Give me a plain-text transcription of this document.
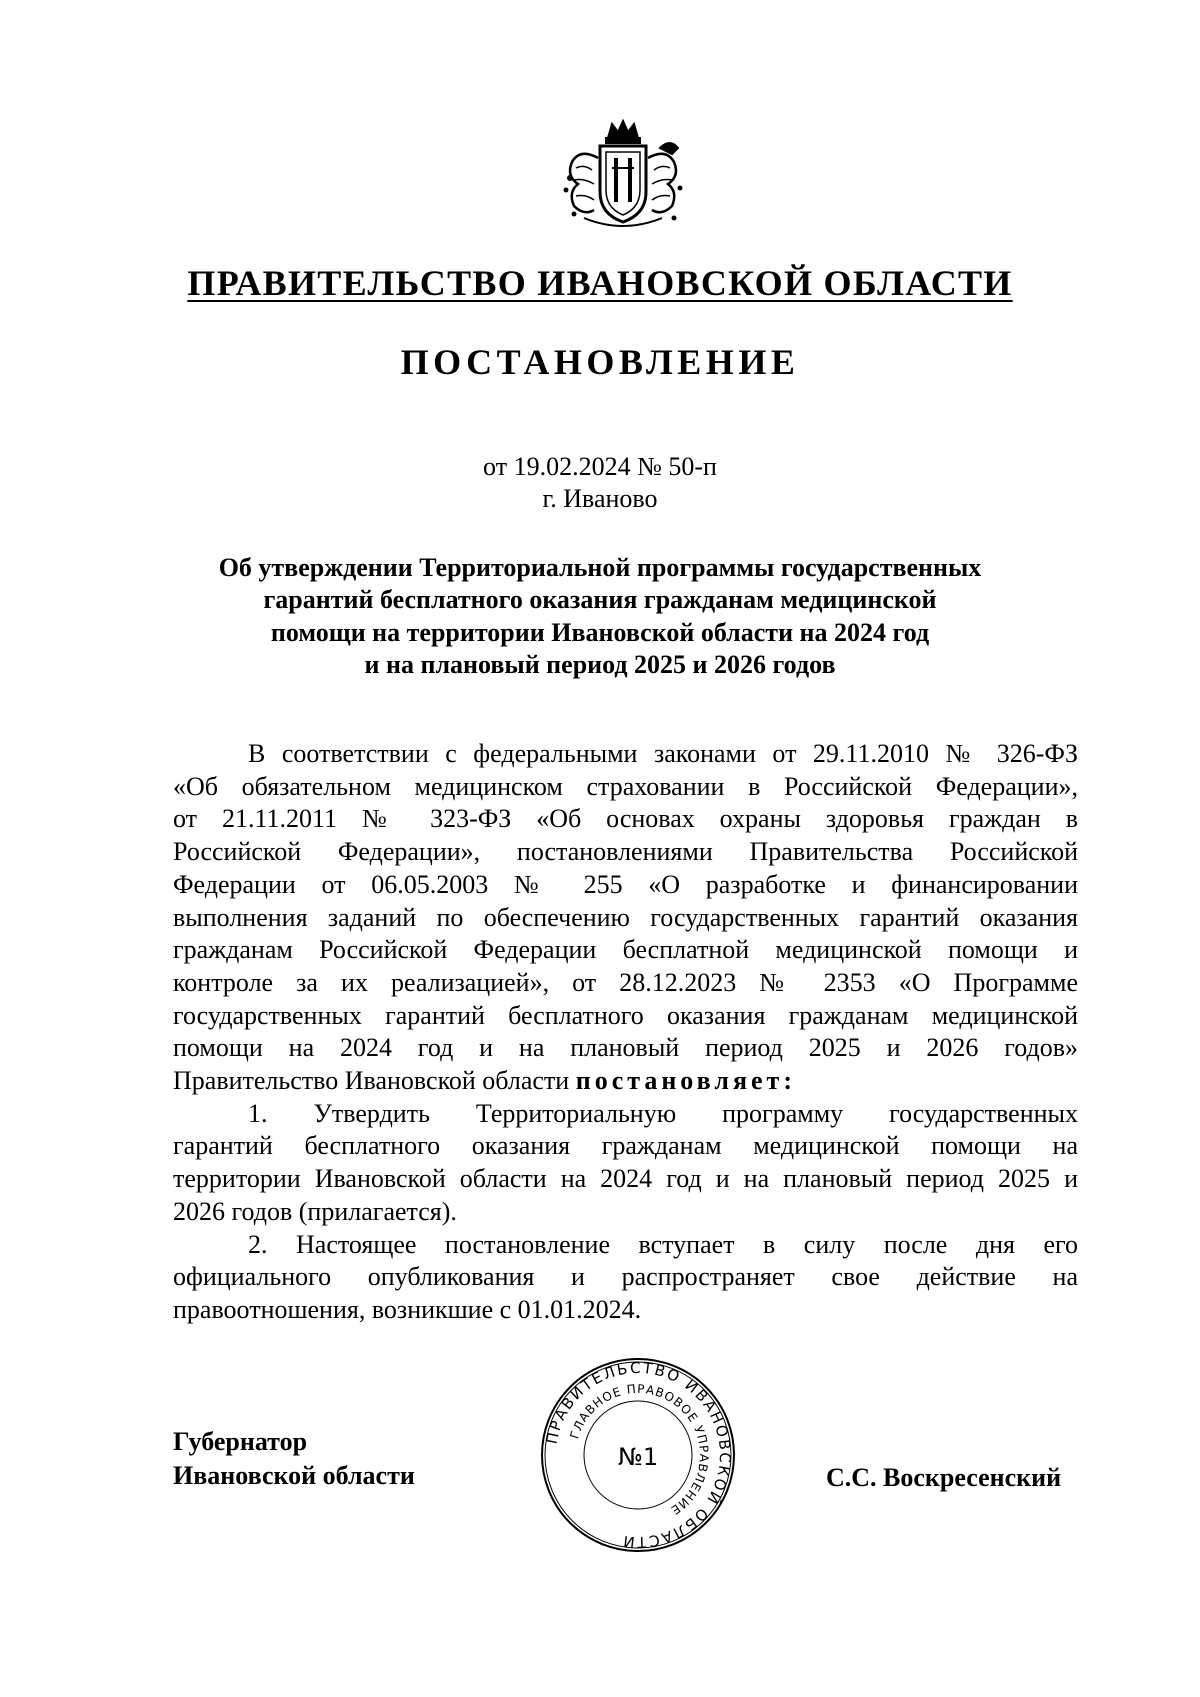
ПРАВИТЕЛЬСТВО ИВАНОВСКОЙ ОБЛАСТИ
ПОСТАНОВЛЕНИЕ
от 19.02.2024 № 50-п
г. Иваново
Об утверждении Территориальной программы государственных
гарантий бесплатного оказания гражданам медицинской
помощи на территории Ивановской области на 2024 год
и на плановый период 2025 и 2026 годов
В соответствии с федеральными законами от 29.11.2010 № 326-ФЗ
«Об обязательном медицинском страховании в Российской Федерации»,
от 21.11.2011 № 323-ФЗ «Об основах охраны здоровья граждан в
Российской Федерации», постановлениями Правительства Российской
Федерации от 06.05.2003 № 255 «О разработке и финансировании
выполнения заданий по обеспечению государственных гарантий оказания
гражданам Российской Федерации бесплатной медицинской помощи и
контроле за их реализацией», от 28.12.2023 № 2353 «О Программе
государственных гарантий бесплатного оказания гражданам медицинской
помощи на 2024 год и на плановый период 2025 и 2026 годов»
Правительство Ивановской области постановляет:
1. Утвердить Территориальную программу государственных
гарантий бесплатного оказания гражданам медицинской помощи на
территории Ивановской области на 2024 год и на плановый период 2025 и
2026 годов (прилагается).
2. Настоящее постановление вступает в силу после дня его
официального опубликования и распространяет свое действие на
правоотношения, возникшие с 01.01.2024.
Губернатор
Ивановской области
ПРАВИТЕЛЬСТВО ИВАНОВСКОЙ ОБЛАСТИ
ГЛАВНОЕ ПРАВОВОЕ УПРАВЛЕНИЕ
№1
С.С. Воскресенский
